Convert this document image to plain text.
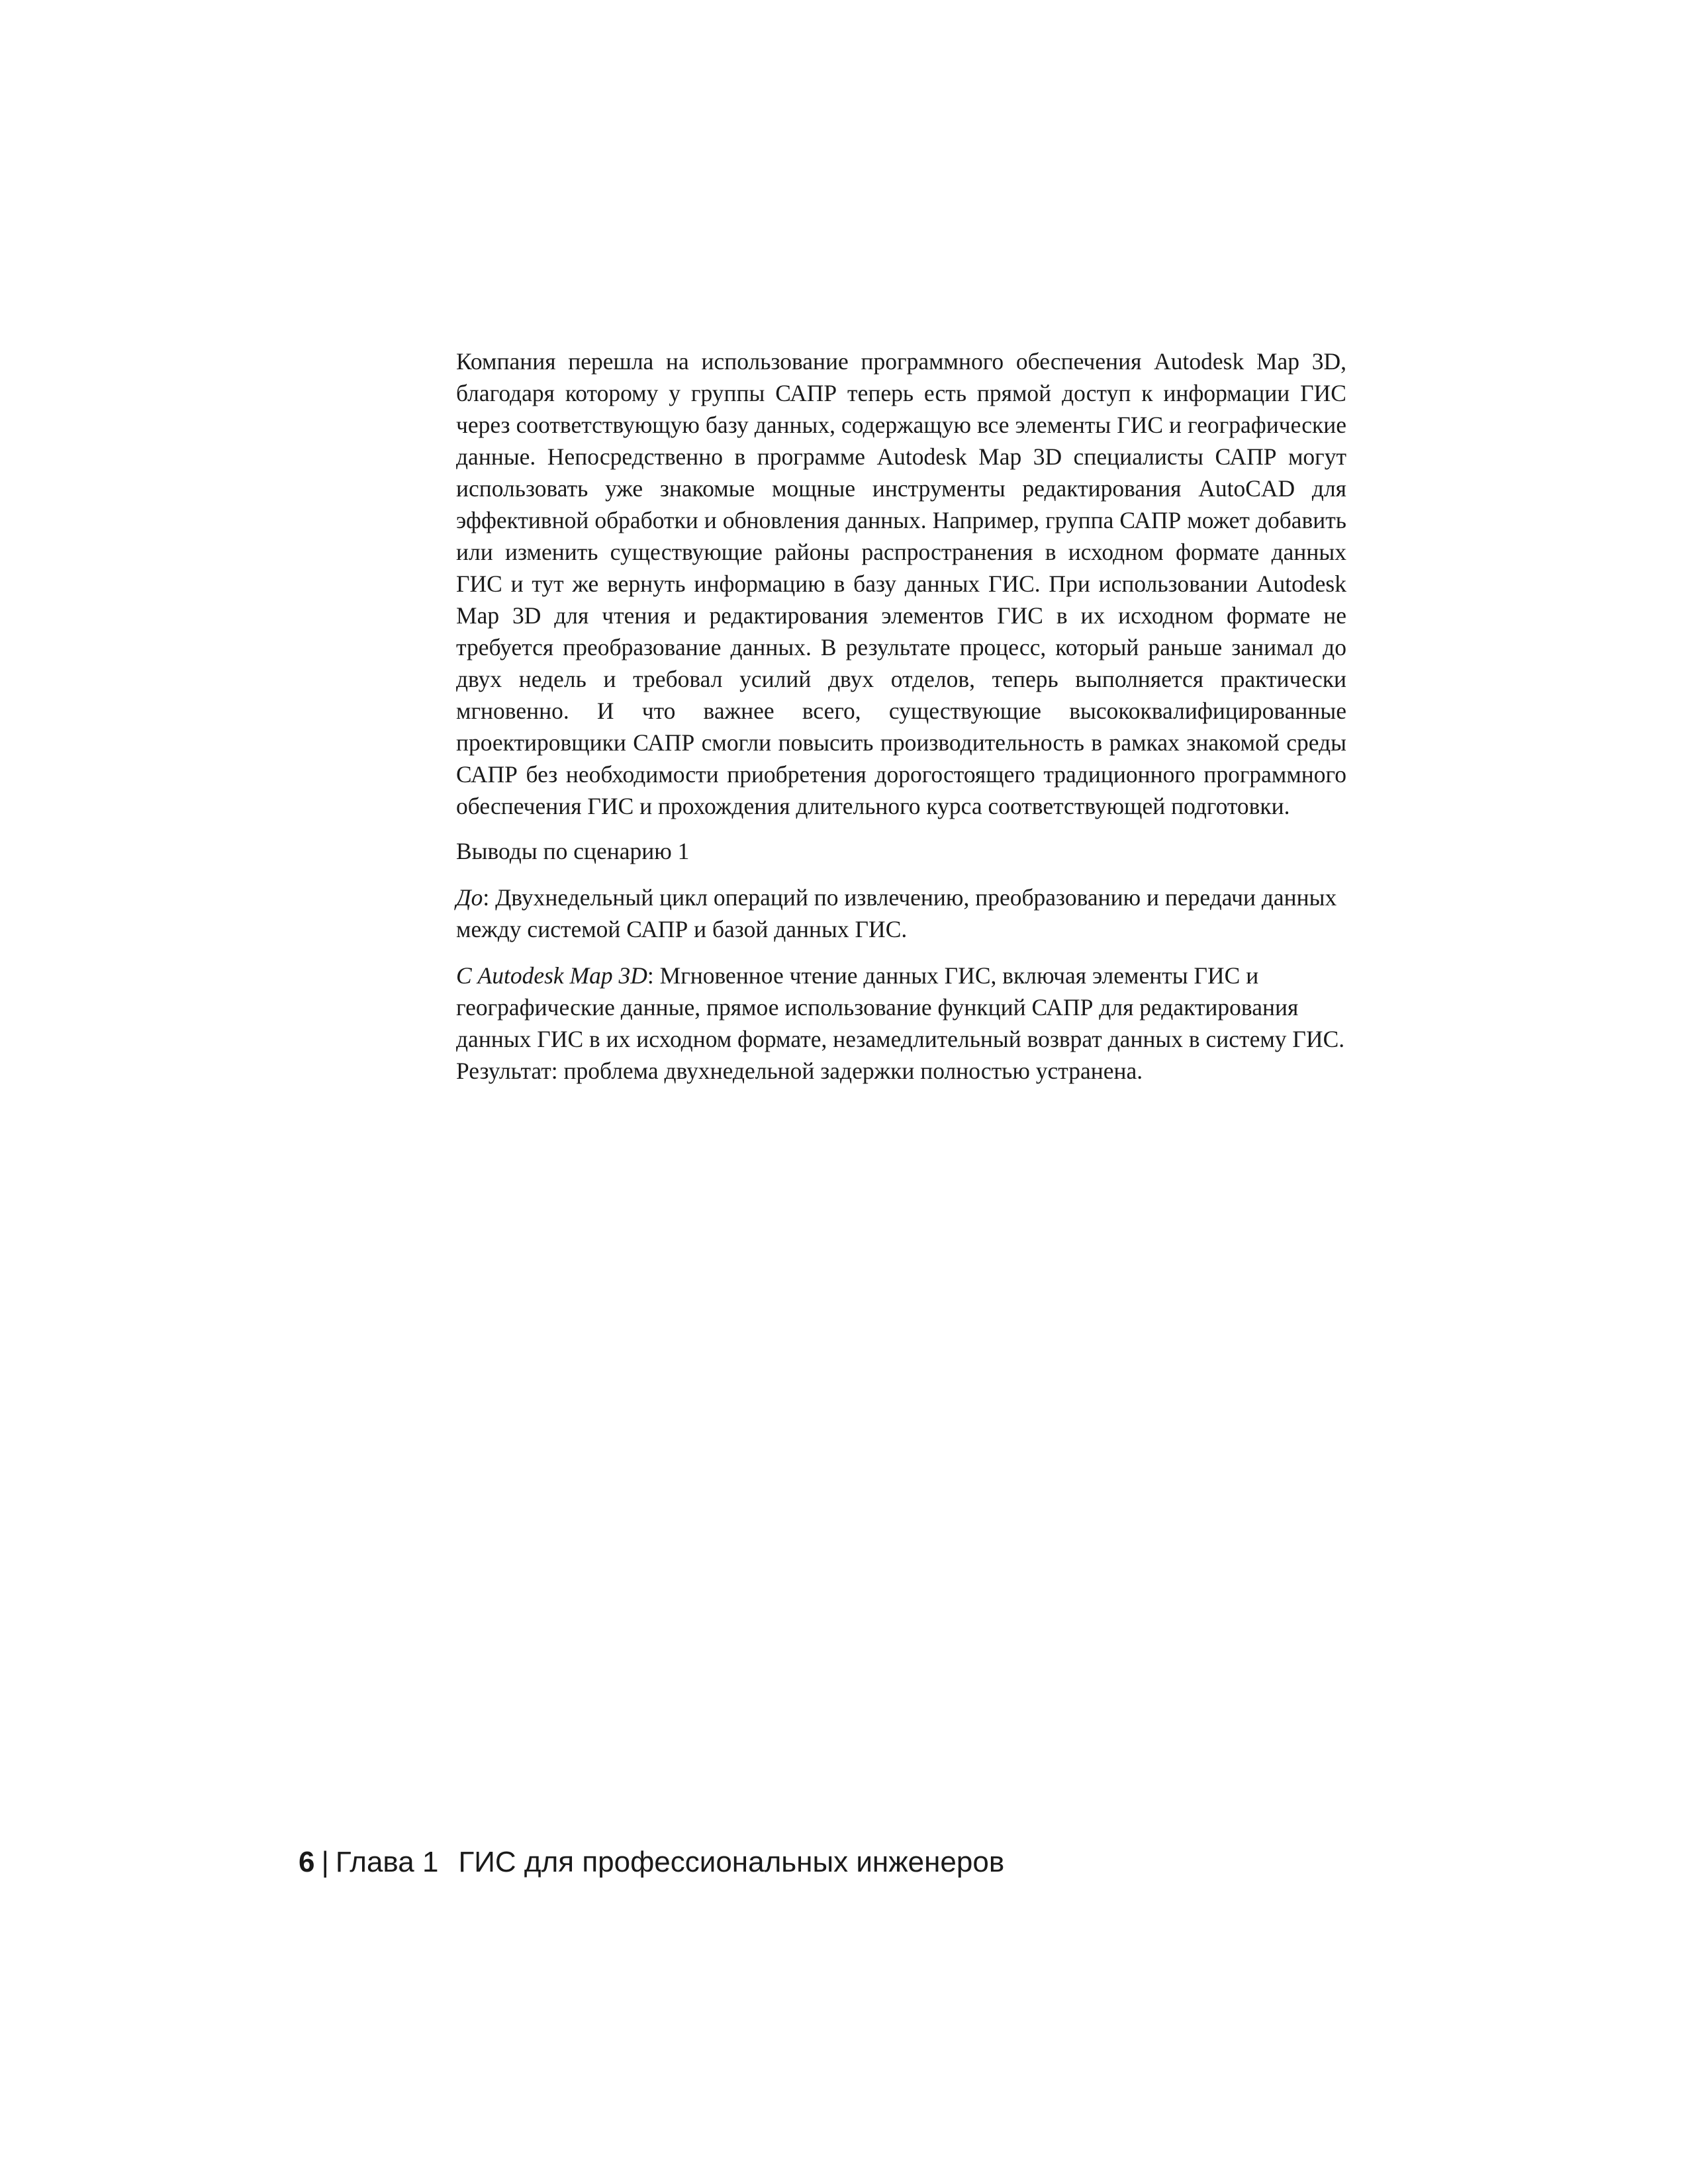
Компания перешла на использование программного обеспечения Autodesk Map 3D, благодаря которому у группы САПР теперь есть прямой доступ к информации ГИС через соответствующую базу данных, содержащую все элементы ГИС и географические данные. Непосредственно в программе Autodesk Map 3D специалисты САПР могут использовать уже знакомые мощные инструменты редактирования AutoCAD для эффективной обработки и обновления данных. Например, группа САПР может добавить или изменить существующие районы распространения в исходном формате данных ГИС и тут же вернуть информацию в базу данных ГИС. При использовании Autodesk Map 3D для чтения и редактирования элементов ГИС в их исходном формате не требуется преобразование данных. В результате процесс, который раньше занимал до двух недель и требовал усилий двух отделов, теперь выполняется практически мгновенно. И что важнее всего, существующие высококвалифицированные проектировщики САПР смогли повысить производительность в рамках знакомой среды САПР без необходимости приобретения дорогостоящего традиционного программного обеспечения ГИС и прохождения длительного курса соответствующей подготовки.

Выводы по сценарию 1

До: Двухнедельный цикл операций по извлечению, преобразованию и передачи данных между системой САПР и базой данных ГИС.

С Autodesk Map 3D: Мгновенное чтение данных ГИС, включая элементы ГИС и географические данные, прямое использование функций САПР для редактирования данных ГИС в их исходном формате, незамедлительный возврат данных в систему ГИС. Результат: проблема двухнедельной задержки полностью устранена.

6 | Глава 1 ГИС для профессиональных инженеров
